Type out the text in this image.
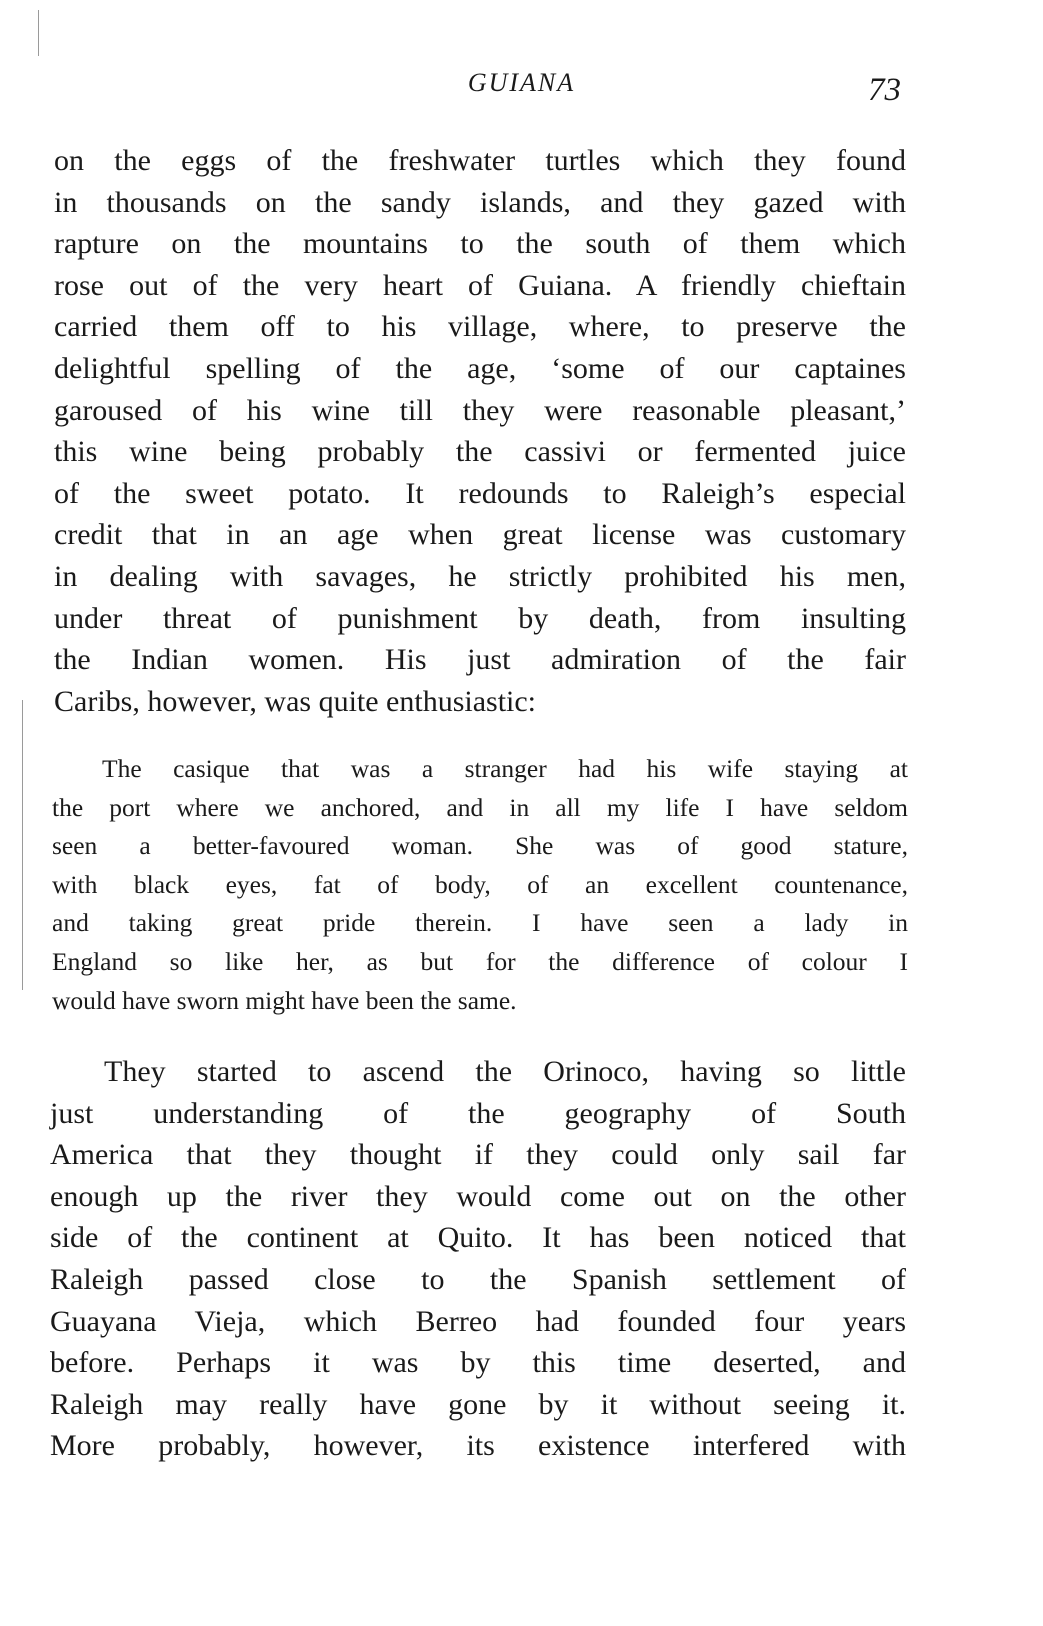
GUIANA	73
on the eggs of the freshwater turtles which they found
in thousands on the sandy islands, and they gazed with
rapture on the mountains to the south of them which
rose out of the very heart of Guiana. A friendly chieftain
carried them off to his village, where, to preserve the
delightful spelling of the age, ‘some of our captaines
garoused of his wine till they were reasonable pleasant,’
this wine being probably the cassivi or fermented juice
of the sweet potato. It redounds to Raleigh’s especial
credit that in an age when great license was customary
in dealing with savages, he strictly prohibited his men,
under threat of punishment by death, from insulting
the Indian women. His just admiration of the fair
Caribs, however, was quite enthusiastic:
The casique that was a stranger had his wife staying at
the port where we anchored, and in all my life I have seldom
seen a better-favoured woman. She was of good stature,
with black eyes, fat of body, of an excellent countenance,
and taking great pride therein. I have seen a lady in
England so like her, as but for the difference of colour I
would have sworn might have been the same.
They started to ascend the Orinoco, having so little
just understanding of the geography of South
America that they thought if they could only sail far
enough up the river they would come out on the other
side of the continent at Quito. It has been noticed that
Raleigh passed close to the Spanish settlement of
Guayana Vieja, which Berreo had founded four years
before. Perhaps it was by this time deserted, and
Raleigh may really have gone by it without seeing it.
More probably, however, its existence interfered with
